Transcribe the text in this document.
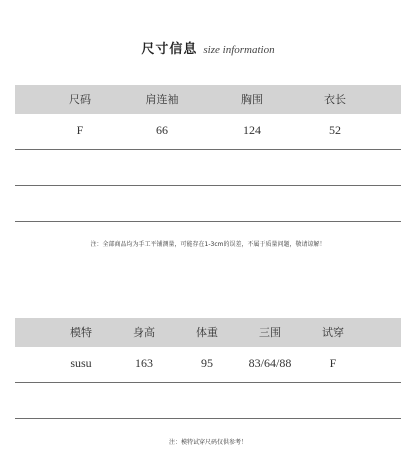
尺寸信息 size information
尺码	肩连袖	胸围	衣长
F	66	124	52
注：全部商品均为手工平铺测量，可能存在1-3cm的误差，不属于质量问题，敬请谅解！
模特	身高	体重	三围	试穿
susu	163	95	83/64/88	F
注：模特试穿尺码仅供参考！
